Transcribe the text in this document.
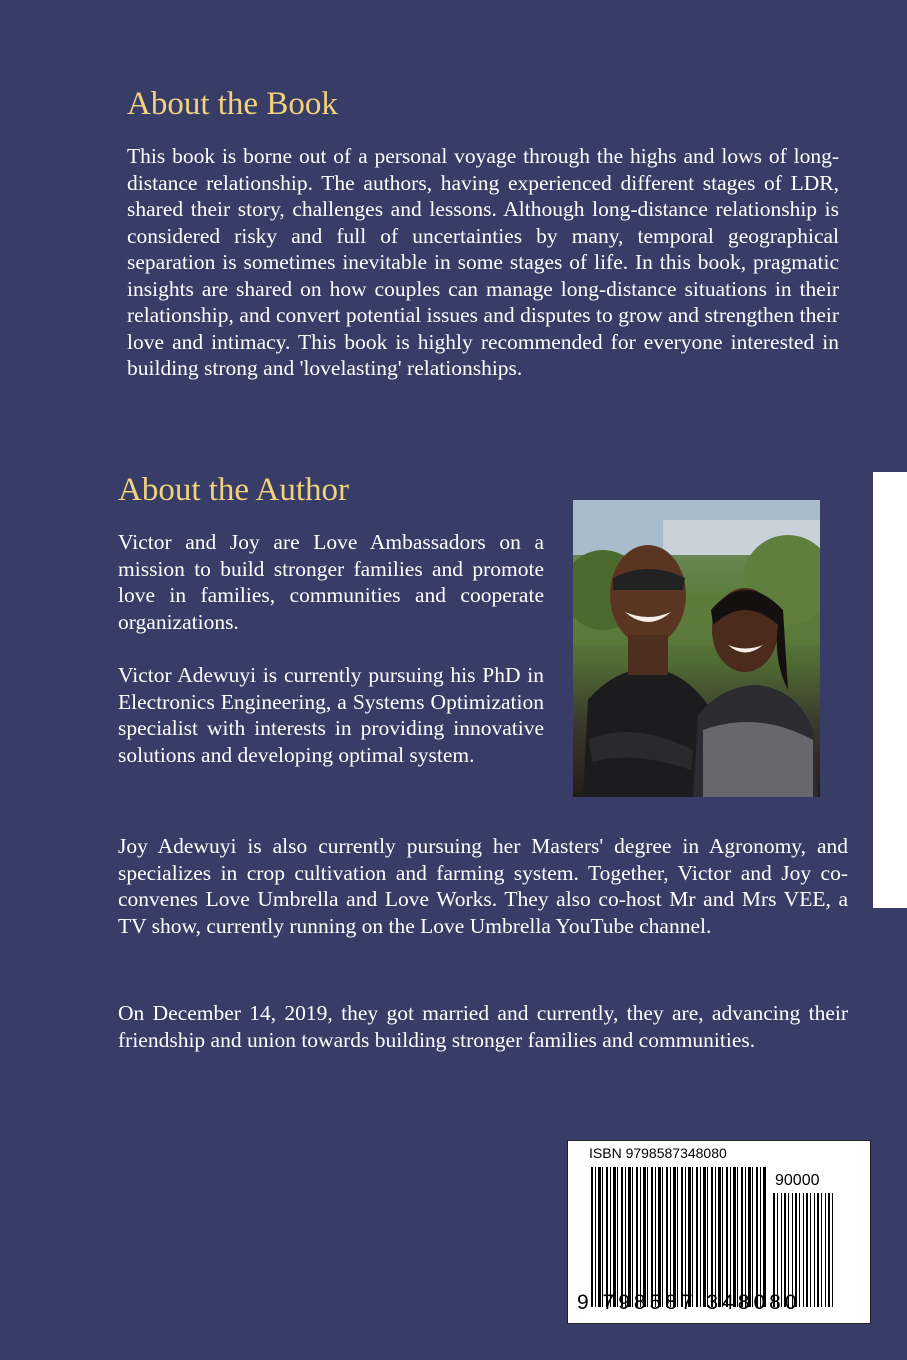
About the Book

This book is borne out of a personal voyage through the highs and lows of long-distance relationship. The authors, having experienced different stages of LDR, shared their story, challenges and lessons. Although long-distance relationship is considered risky and full of uncertainties by many, temporal geographical separation is sometimes inevitable in some stages of life. In this book, pragmatic insights are shared on how couples can manage long-distance situations in their relationship, and convert potential issues and disputes to grow and strengthen their love and intimacy. This book is highly recommended for everyone interested in building strong and 'lovelasting' relationships.

About the Author

Victor and Joy are Love Ambassadors on a mission to build stronger families and promote love in families, communities and cooperate organizations.

Victor Adewuyi is currently pursuing his PhD in Electronics Engineering, a Systems Optimization specialist with interests in providing innovative solutions and developing optimal system.

Joy Adewuyi is also currently pursuing her Masters' degree in Agronomy, and specializes in crop cultivation and farming system. Together, Victor and Joy co-convenes Love Umbrella and Love Works. They also co-host Mr and Mrs VEE, a TV show, currently running on the Love Umbrella YouTube channel.

On December 14, 2019, they got married and currently, they are, advancing their friendship and union towards building stronger families and communities.

ISBN 9798587348080
90000
9 798587 348080
